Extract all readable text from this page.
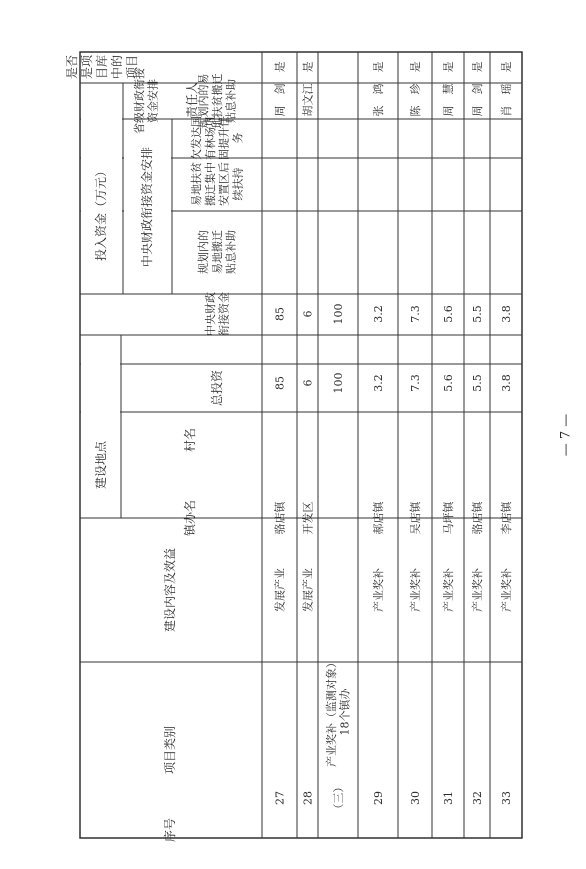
是否是项目库中的项目
责任人
省级财政衔接资金安排	规划内的易地扶贫搬迁贴息补助
投入资金（万元）	中央财政衔接资金安排
欠发达国有林场巩固提升任务
易地扶贫搬迁集中安置区后续扶持
规划内的易地搬迁贴息补助
中央财政衔接资金
总投资
建设地点
村名
镇办名
建设内容及效益
项目类别
序号
27
发展产业
骆店镇
85
85
周　剑
是
28
发展产业
开发区
6
6
胡文江
是
（三）
产业奖补（监测对象）18个镇办
100
100
29
产业奖补
郝店镇
3.2
3.2
张　鸿
是
30
产业奖补
吴店镇
7.3
7.3
陈　珍
是
31
产业奖补
马坪镇
5.6
5.6
周　慧
是
32
产业奖补
骆店镇
5.5
5.5
周　剑
是
33
产业奖补
李店镇
3.8
3.8
肖　瑶
是
— 7 —
